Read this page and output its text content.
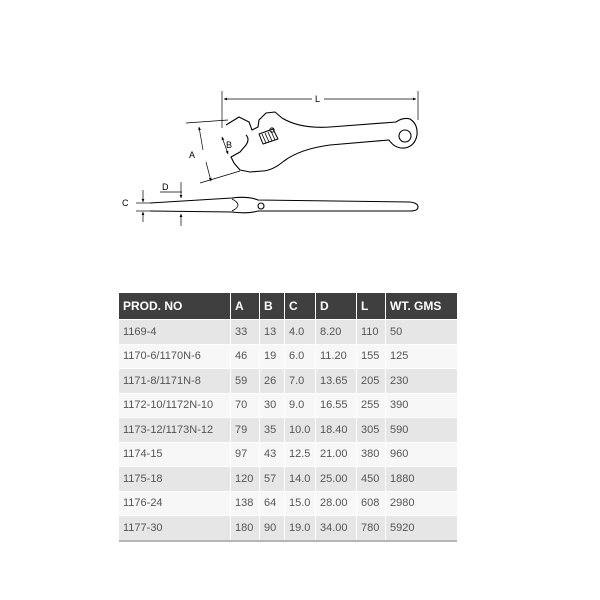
L
A
B
C
D
PROD. NO	A	B	C	D	L	WT. GMS
1169-4	33	13	4.0	8.20	110	50
1170-6/1170N-6	46	19	6.0	11.20	155	125
1171-8/1171N-8	59	26	7.0	13.65	205	230
1172-10/1172N-10	70	30	9.0	16.55	255	390
1173-12/1173N-12	79	35	10.0	18.40	305	590
1174-15	97	43	12.5	21.00	380	960
1175-18	120	57	14.0	25.00	450	1880
1176-24	138	64	15.0	28.00	608	2980
1177-30	180	90	19.0	34.00	780	5920
